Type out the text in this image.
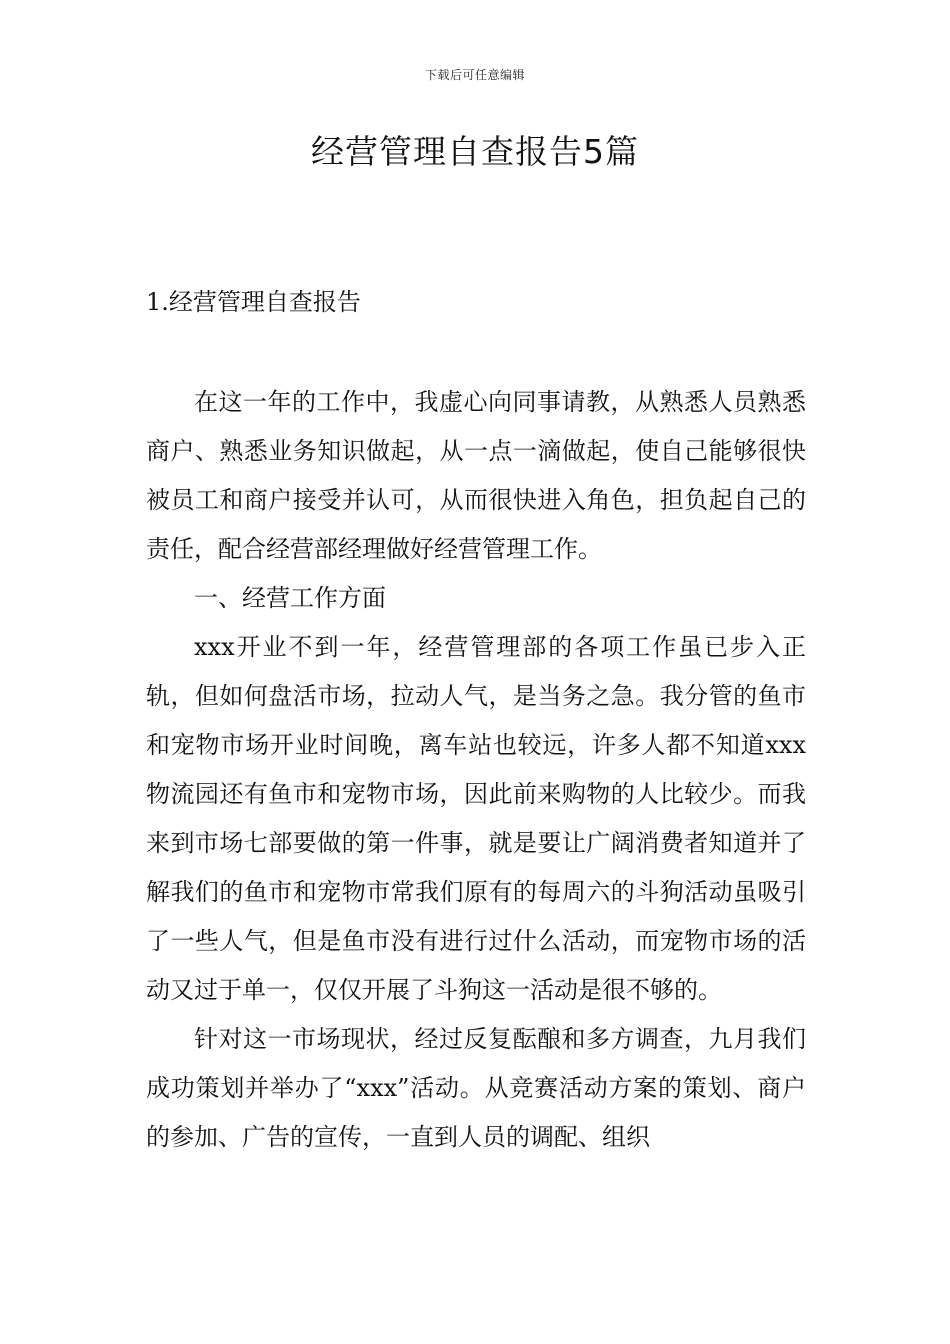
下载后可任意编辑
经营管理自查报告5篇
1.经营管理自查报告

在这一年的工作中，我虚心向同事请教，从熟悉人员熟悉商户、熟悉业务知识做起，从一点一滴做起，使自己能够很快被员工和商户接受并认可，从而很快进入角色，担负起自己的责任，配合经营部经理做好经营管理工作。

一、经营工作方面

xxx开业不到一年，经营管理部的各项工作虽已步入正轨，但如何盘活市场，拉动人气，是当务之急。我分管的鱼市和宠物市场开业时间晚，离车站也较远，许多人都不知道xxx物流园还有鱼市和宠物市场，因此前来购物的人比较少。而我来到市场七部要做的第一件事，就是要让广阔消费者知道并了解我们的鱼市和宠物市常我们原有的每周六的斗狗活动虽吸引了一些人气，但是鱼市没有进行过什么活动，而宠物市场的活动又过于单一，仅仅开展了斗狗这一活动是很不够的。

针对这一市场现状，经过反复酝酿和多方调查，九月我们成功策划并举办了“xxx”活动。从竞赛活动方案的策划、商户的参加、广告的宣传，一直到人员的调配、组织
